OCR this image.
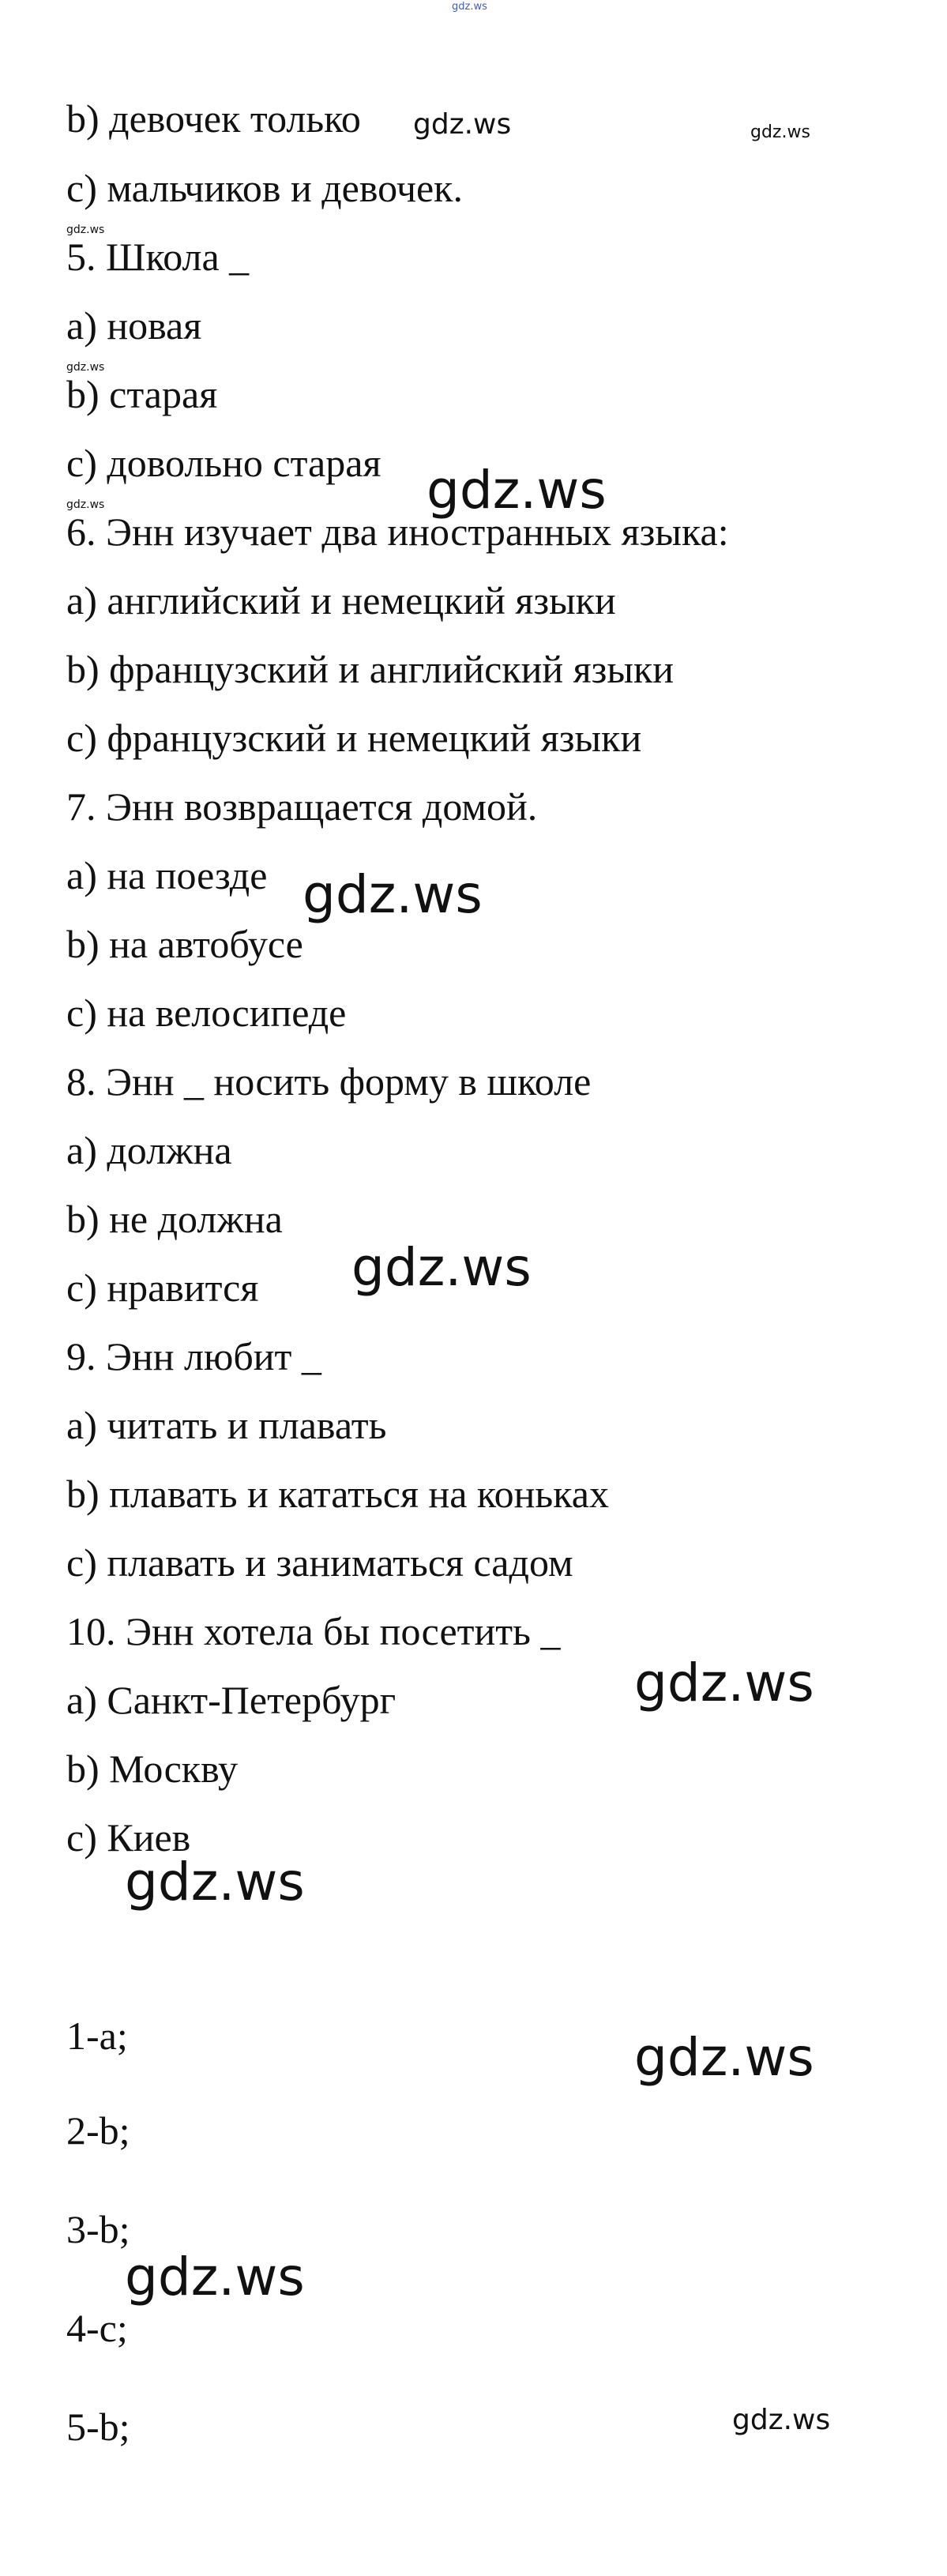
gdz.ws
b) девочек только
c) мальчиков и девочек.
5. Школа _
a) новая
b) старая
c) довольно старая
6. Энн изучает два иностранных языка:
a) английский и немецкий языки
b) французский и английский языки
c) французский и немецкий языки
7. Энн возвращается домой.
a) на поезде
b) на автобусе
c) на велосипеде
8. Энн _ носить форму в школе
a) должна
b) не должна
c) нравится
9. Энн любит _
a) читать и плавать
b) плавать и кататься на коньках
c) плавать и заниматься садом
10. Энн хотела бы посетить _
a) Санкт-Петербург
b) Москву
c) Киев
1-a;
2-b;
3-b;
4-c;
5-b;
gdz.ws	gdz.ws
gdz.ws
gdz.ws
gdz.ws	gdz.ws
gdz.ws
gdz.ws
gdz.ws
gdz.ws
gdz.ws
gdz.ws
gdz.ws
